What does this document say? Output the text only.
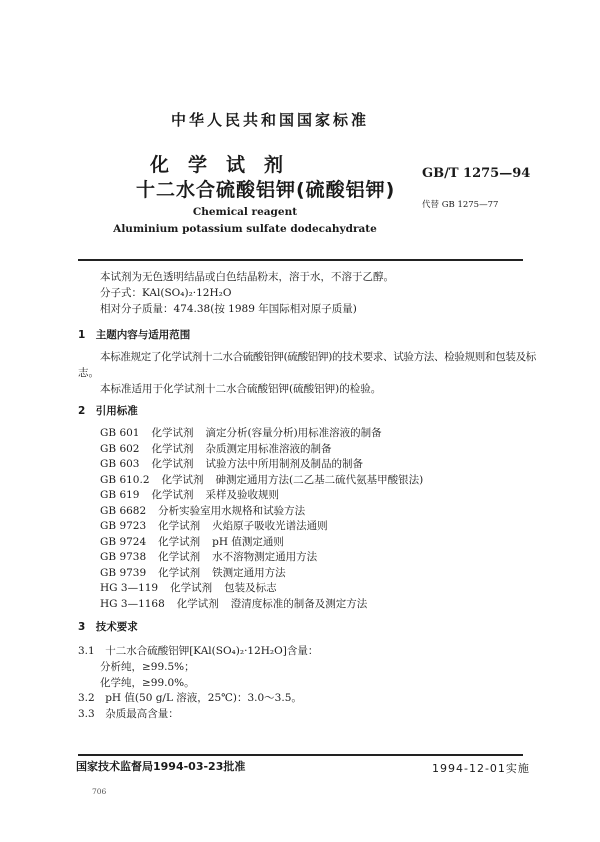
中华人民共和国国家标准
化　学　试　剂
十二水合硫酸铝钾(硫酸铝钾)
GB/T 1275—94
代替 GB 1275—77
Chemical reagent
Aluminium potassium sulfate dodecahydrate
本试剂为无色透明结晶或白色结晶粉末，溶于水，不溶于乙醇。
分子式：KAl(SO₄)₂·12H₂O
相对分子质量：474.38(按 1989 年国际相对原子质量)
1　主题内容与适用范围
本标准规定了化学试剂十二水合硫酸铝钾(硫酸铝钾)的技术要求、试验方法、检验规则和包装及标
志。
本标准适用于化学试剂十二水合硫酸铝钾(硫酸铝钾)的检验。
2　引用标准
GB 601 化学试剂 滴定分析(容量分析)用标准溶液的制备
GB 602 化学试剂 杂质测定用标准溶液的制备
GB 603 化学试剂 试验方法中所用制剂及制品的制备
GB 610.2 化学试剂 砷测定通用方法(二乙基二硫代氨基甲酸银法)
GB 619 化学试剂 采样及验收规则
GB 6682 分析实验室用水规格和试验方法
GB 9723 化学试剂 火焰原子吸收光谱法通则
GB 9724 化学试剂 pH 值测定通则
GB 9738 化学试剂 水不溶物测定通用方法
GB 9739 化学试剂 铁测定通用方法
HG 3—119 化学试剂 包装及标志
HG 3—1168 化学试剂 澄清度标准的制备及测定方法
3　技术要求
3.1　十二水合硫酸铝钾[KAl(SO₄)₂·12H₂O]含量：
分析纯，≥99.5%；
化学纯，≥99.0%。
3.2　pH 值(50 g/L 溶液，25℃)：3.0～3.5。
3.3　杂质最高含量：
国家技术监督局1994-03-23批准	1994-12-01实施
706
